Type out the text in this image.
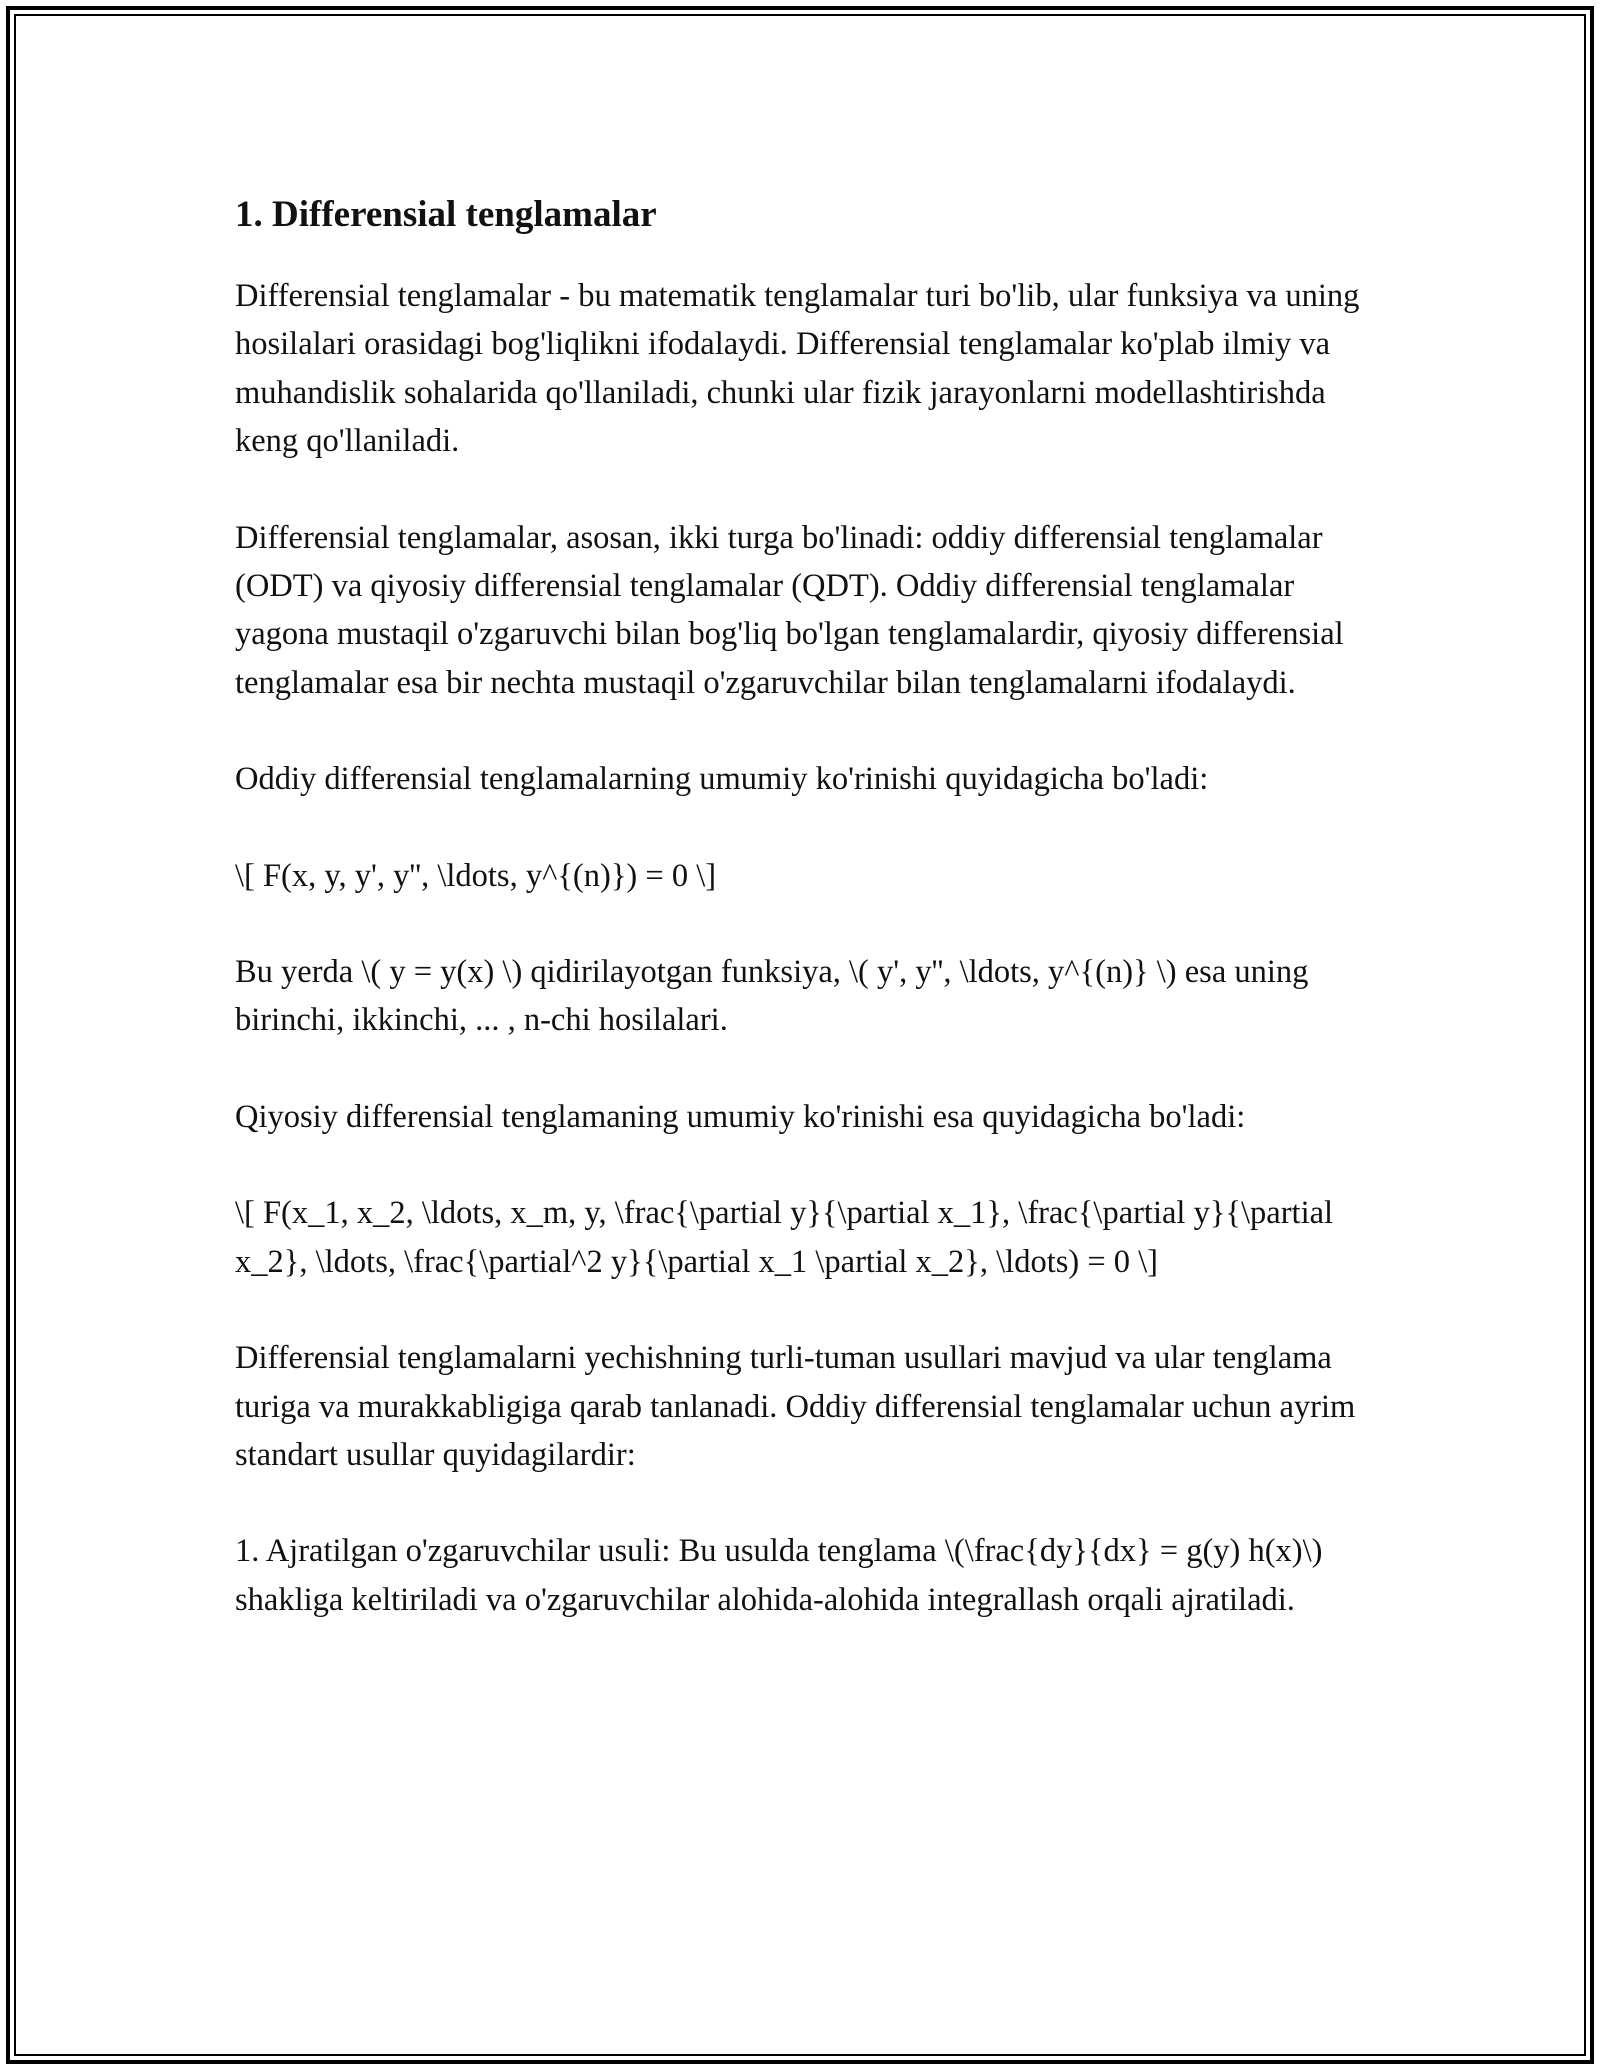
1. Differensial tenglamalar

Differensial tenglamalar - bu matematik tenglamalar turi bo'lib, ular funksiya va uning hosilalari orasidagi bog'liqlikni ifodalaydi. Differensial tenglamalar ko'plab ilmiy va muhandislik sohalarida qo'llaniladi, chunki ular fizik jarayonlarni modellashtirishda keng qo'llaniladi.

Differensial tenglamalar, asosan, ikki turga bo'linadi: oddiy differensial tenglamalar (ODT) va qiyosiy differensial tenglamalar (QDT). Oddiy differensial tenglamalar yagona mustaqil o'zgaruvchi bilan bog'liq bo'lgan tenglamalardir, qiyosiy differensial tenglamalar esa bir nechta mustaqil o'zgaruvchilar bilan tenglamalarni ifodalaydi.

Oddiy differensial tenglamalarning umumiy ko'rinishi quyidagicha bo'ladi:

\[ F(x, y, y', y'', \ldots, y^{(n)}) = 0 \]

Bu yerda \( y = y(x) \) qidirilayotgan funksiya, \( y', y'', \ldots, y^{(n)} \) esa uning birinchi, ikkinchi, ... , n-chi hosilalari.

Qiyosiy differensial tenglamaning umumiy ko'rinishi esa quyidagicha bo'ladi:

\[ F(x_1, x_2, \ldots, x_m, y, \frac{\partial y}{\partial x_1}, \frac{\partial y}{\partial x_2}, \ldots, \frac{\partial^2 y}{\partial x_1 \partial x_2}, \ldots) = 0 \]

Differensial tenglamalarni yechishning turli-tuman usullari mavjud va ular tenglama turiga va murakkabligiga qarab tanlanadi. Oddiy differensial tenglamalar uchun ayrim standart usullar quyidagilardir:

1. Ajratilgan o'zgaruvchilar usuli: Bu usulda tenglama \(\frac{dy}{dx} = g(y) h(x)\) shakliga keltiriladi va o'zgaruvchilar alohida-alohida integrallash orqali ajratiladi.
